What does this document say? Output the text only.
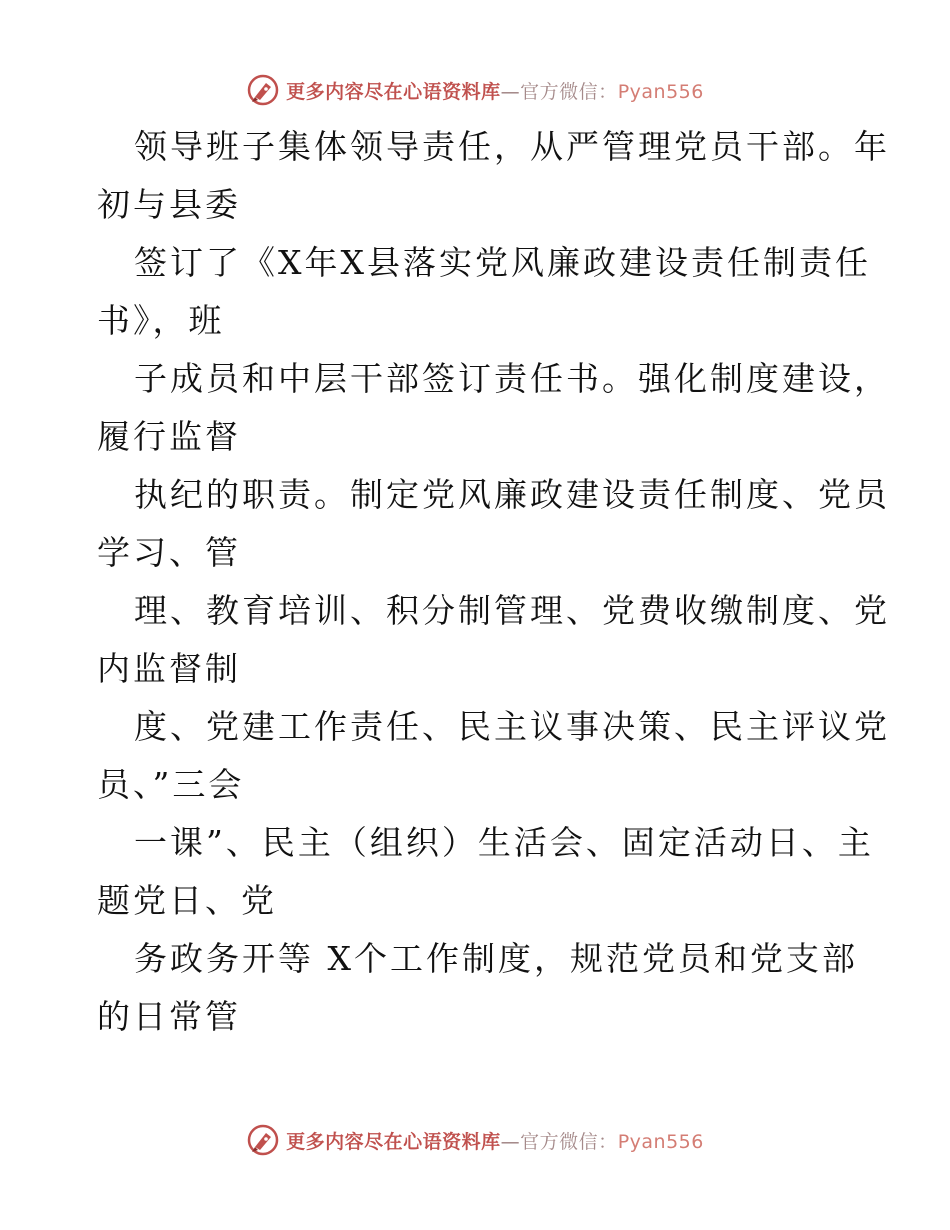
更多内容尽在心语资料库—官方微信：Pyan556
领导班子集体领导责任，从严管理党员干部。年
初与县委
签订了《X年X县落实党风廉政建设责任制责任
书》，班
子成员和中层干部签订责任书。强化制度建设，
履行监督
执纪的职责。制定党风廉政建设责任制度、党员
学习、管
理、教育培训、积分制管理、党费收缴制度、党
内监督制
度、党建工作责任、民主议事决策、民主评议党
员、”三会
一课”、民主（组织）生活会、固定活动日、主
题党日、党
务政务开等 X个工作制度，规范党员和党支部
的日常管
更多内容尽在心语资料库—官方微信：Pyan556
